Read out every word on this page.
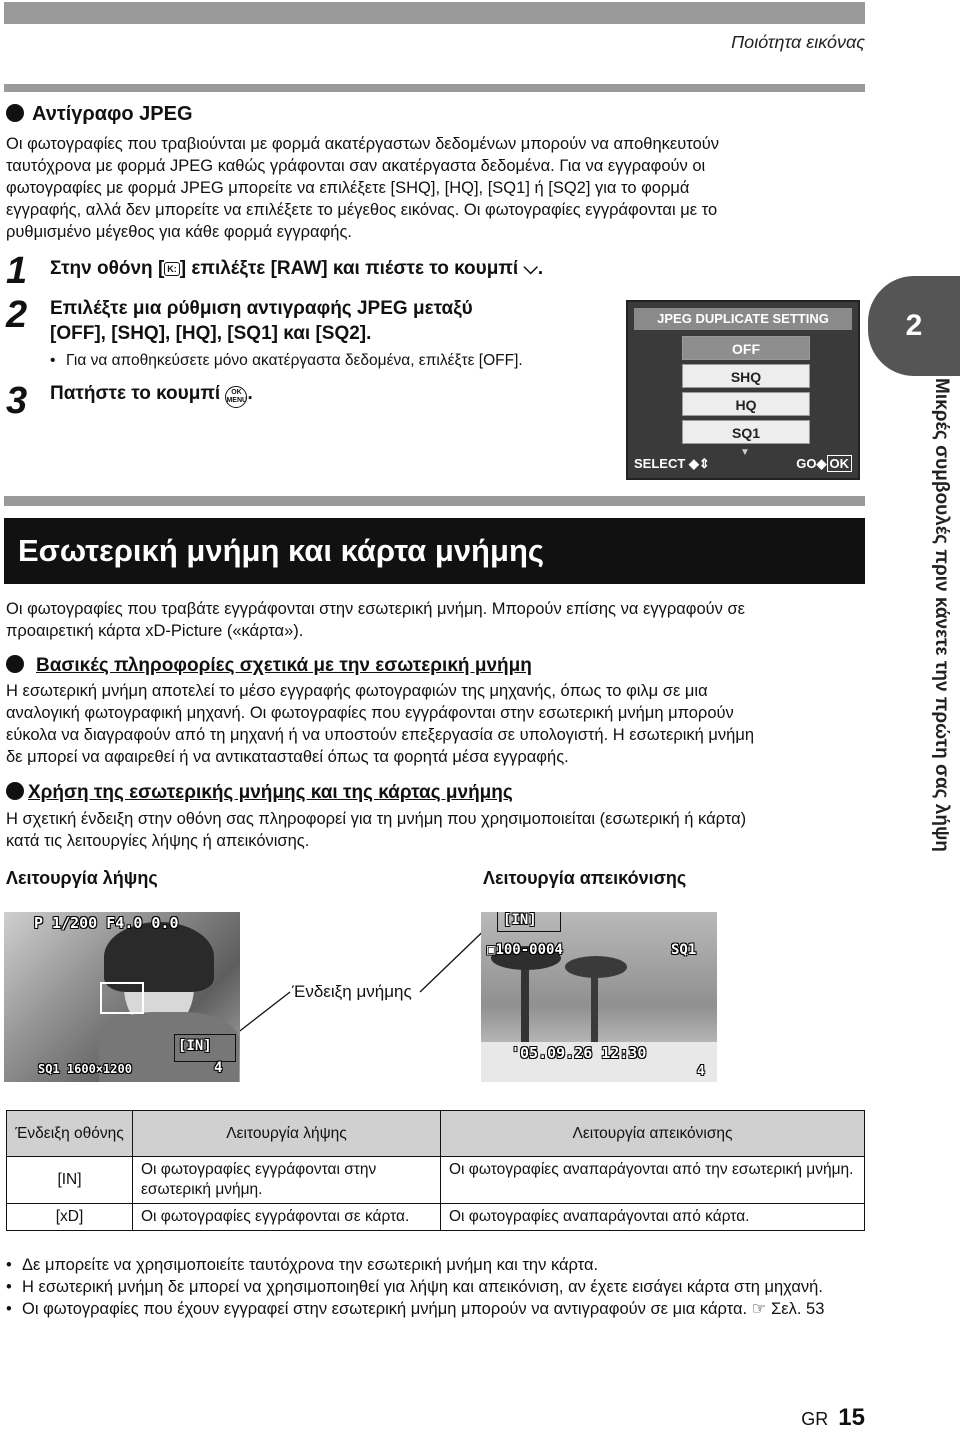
Ποιότητα εικόνας
Αντίγραφο JPEG
Οι φωτογραφίες που τραβιούνται με φορμά ακατέργαστων δεδομένων μπορούν να αποθηκευτούν
ταυτόχρονα με φορμά JPEG καθώς γράφονται σαν ακατέργαστα δεδομένα. Για να εγγραφούν οι
φωτογραφίες με φορμά JPEG μπορείτε να επιλέξετε [SHQ], [HQ], [SQ1] ή [SQ2] για το φορμά
εγγραφής, αλλά δεν μπορείτε να επιλέξετε το μέγεθος εικόνας. Οι φωτογραφίες εγγράφονται με το
ρυθμισμένο μέγεθος για κάθε φορμά εγγραφής.
1 Στην οθόνη [ K: ] επιλέξτε [RAW] και πιέστε το κουμπί ⌵.
2 Επιλέξτε μια ρύθμιση αντιγραφής JPEG μεταξύ
[OFF], [SHQ], [HQ], [SQ1] και [SQ2].
• Για να αποθηκεύσετε μόνο ακατέργαστα δεδομένα, επιλέξτε [OFF].
3 Πατήστε το κουμπί OK
MENU .
JPEG DUPLICATE SETTING
OFF
SHQ
HQ
SQ1
▼
SELECT ◆⇕	GO◆ OK
2
Μικρές συμβουλές πριν κάνετε την πρώτη σας λήψη
Εσωτερική μνήμη και κάρτα μνήμης
Οι φωτογραφίες που τραβάτε εγγράφονται στην εσωτερική μνήμη. Μπορούν επίσης να εγγραφούν σε
προαιρετική κάρτα xD-Picture («κάρτα»).
Βασικές πληροφορίες σχετικά με την εσωτερική μνήμη
Η εσωτερική μνήμη αποτελεί το μέσο εγγραφής φωτογραφιών της μηχανής, όπως το φιλμ σε μια
αναλογική φωτογραφική μηχανή. Οι φωτογραφίες που εγγράφονται στην εσωτερική μνήμη μπορούν
εύκολα να διαγραφούν από τη μηχανή ή να υποστούν επεξεργασία σε υπολογιστή. Η εσωτερική μνήμη
δε μπορεί να αφαιρεθεί ή να αντικατασταθεί όπως τα φορητά μέσα εγγραφής.
Χρήση της εσωτερικής μνήμης και της κάρτας μνήμης
Η σχετική ένδειξη στην οθόνη σας πληροφορεί για τη μνήμη που χρησιμοποιείται (εσωτερική ή κάρτα)
κατά τις λειτουργίες λήψης ή απεικόνισης.
Λειτουργία λήψης	Λειτουργία απεικόνισης
Ένδειξη μνήμης
P 1/200 F4.0 0.0
[IN]
SQ1 1600×1200	4
[IN]
▣100-0004	SQ1
'05.09.26 12:30
4
Ένδειξη οθόνης	Λειτουργία λήψης	Λειτουργία απεικόνισης
[IN]	Οι φωτογραφίες εγγράφονται στην εσωτερική μνήμη.	Οι φωτογραφίες αναπαράγονται από την εσωτερική μνήμη.
[xD]	Οι φωτογραφίες εγγράφονται σε κάρτα.	Οι φωτογραφίες αναπαράγονται από κάρτα.
• Δε μπορείτε να χρησιμοποιείτε ταυτόχρονα την εσωτερική μνήμη και την κάρτα.
• Η εσωτερική μνήμη δε μπορεί να χρησιμοποιηθεί για λήψη και απεικόνιση, αν έχετε εισάγει κάρτα στη μηχανή.
• Οι φωτογραφίες που έχουν εγγραφεί στην εσωτερική μνήμη μπορούν να αντιγραφούν σε μια κάρτα. ☞ Σελ. 53
GR 15
